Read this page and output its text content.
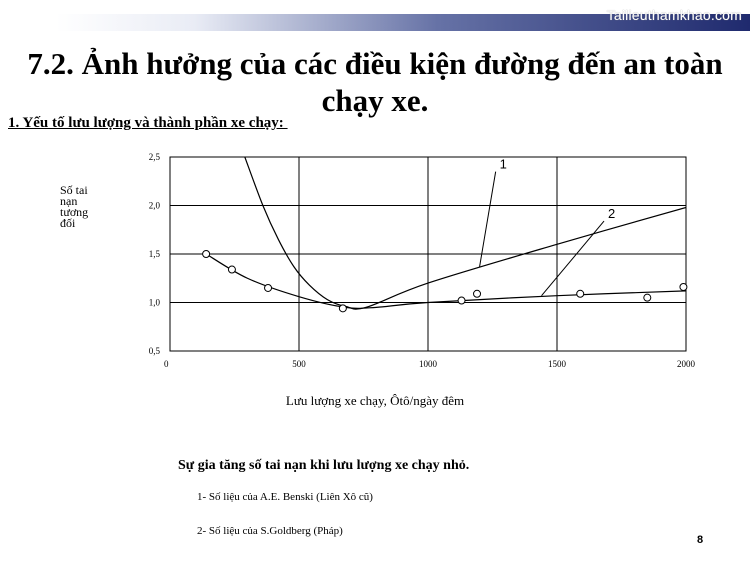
Tailieuthamkhao.com
7.2. Ảnh hưởng của các điều kiện đường đến an toàn chạy xe.

1. Yếu tố lưu lượng và thành phần xe chạy:

0	500	1000	1500	2000
0,5
1,0
1,5
2,0
2,5	1
2
Số tai
nạn
tương
đối
Lưu lượng xe chạy, Ôtô/ngày đêm

Sự gia tăng số tai nạn khi lưu lượng xe chạy nhỏ.

1- Số liệu của A.E. Benski (Liên Xô cũ)
2- Số liệu của S.Goldberg (Pháp)
8
